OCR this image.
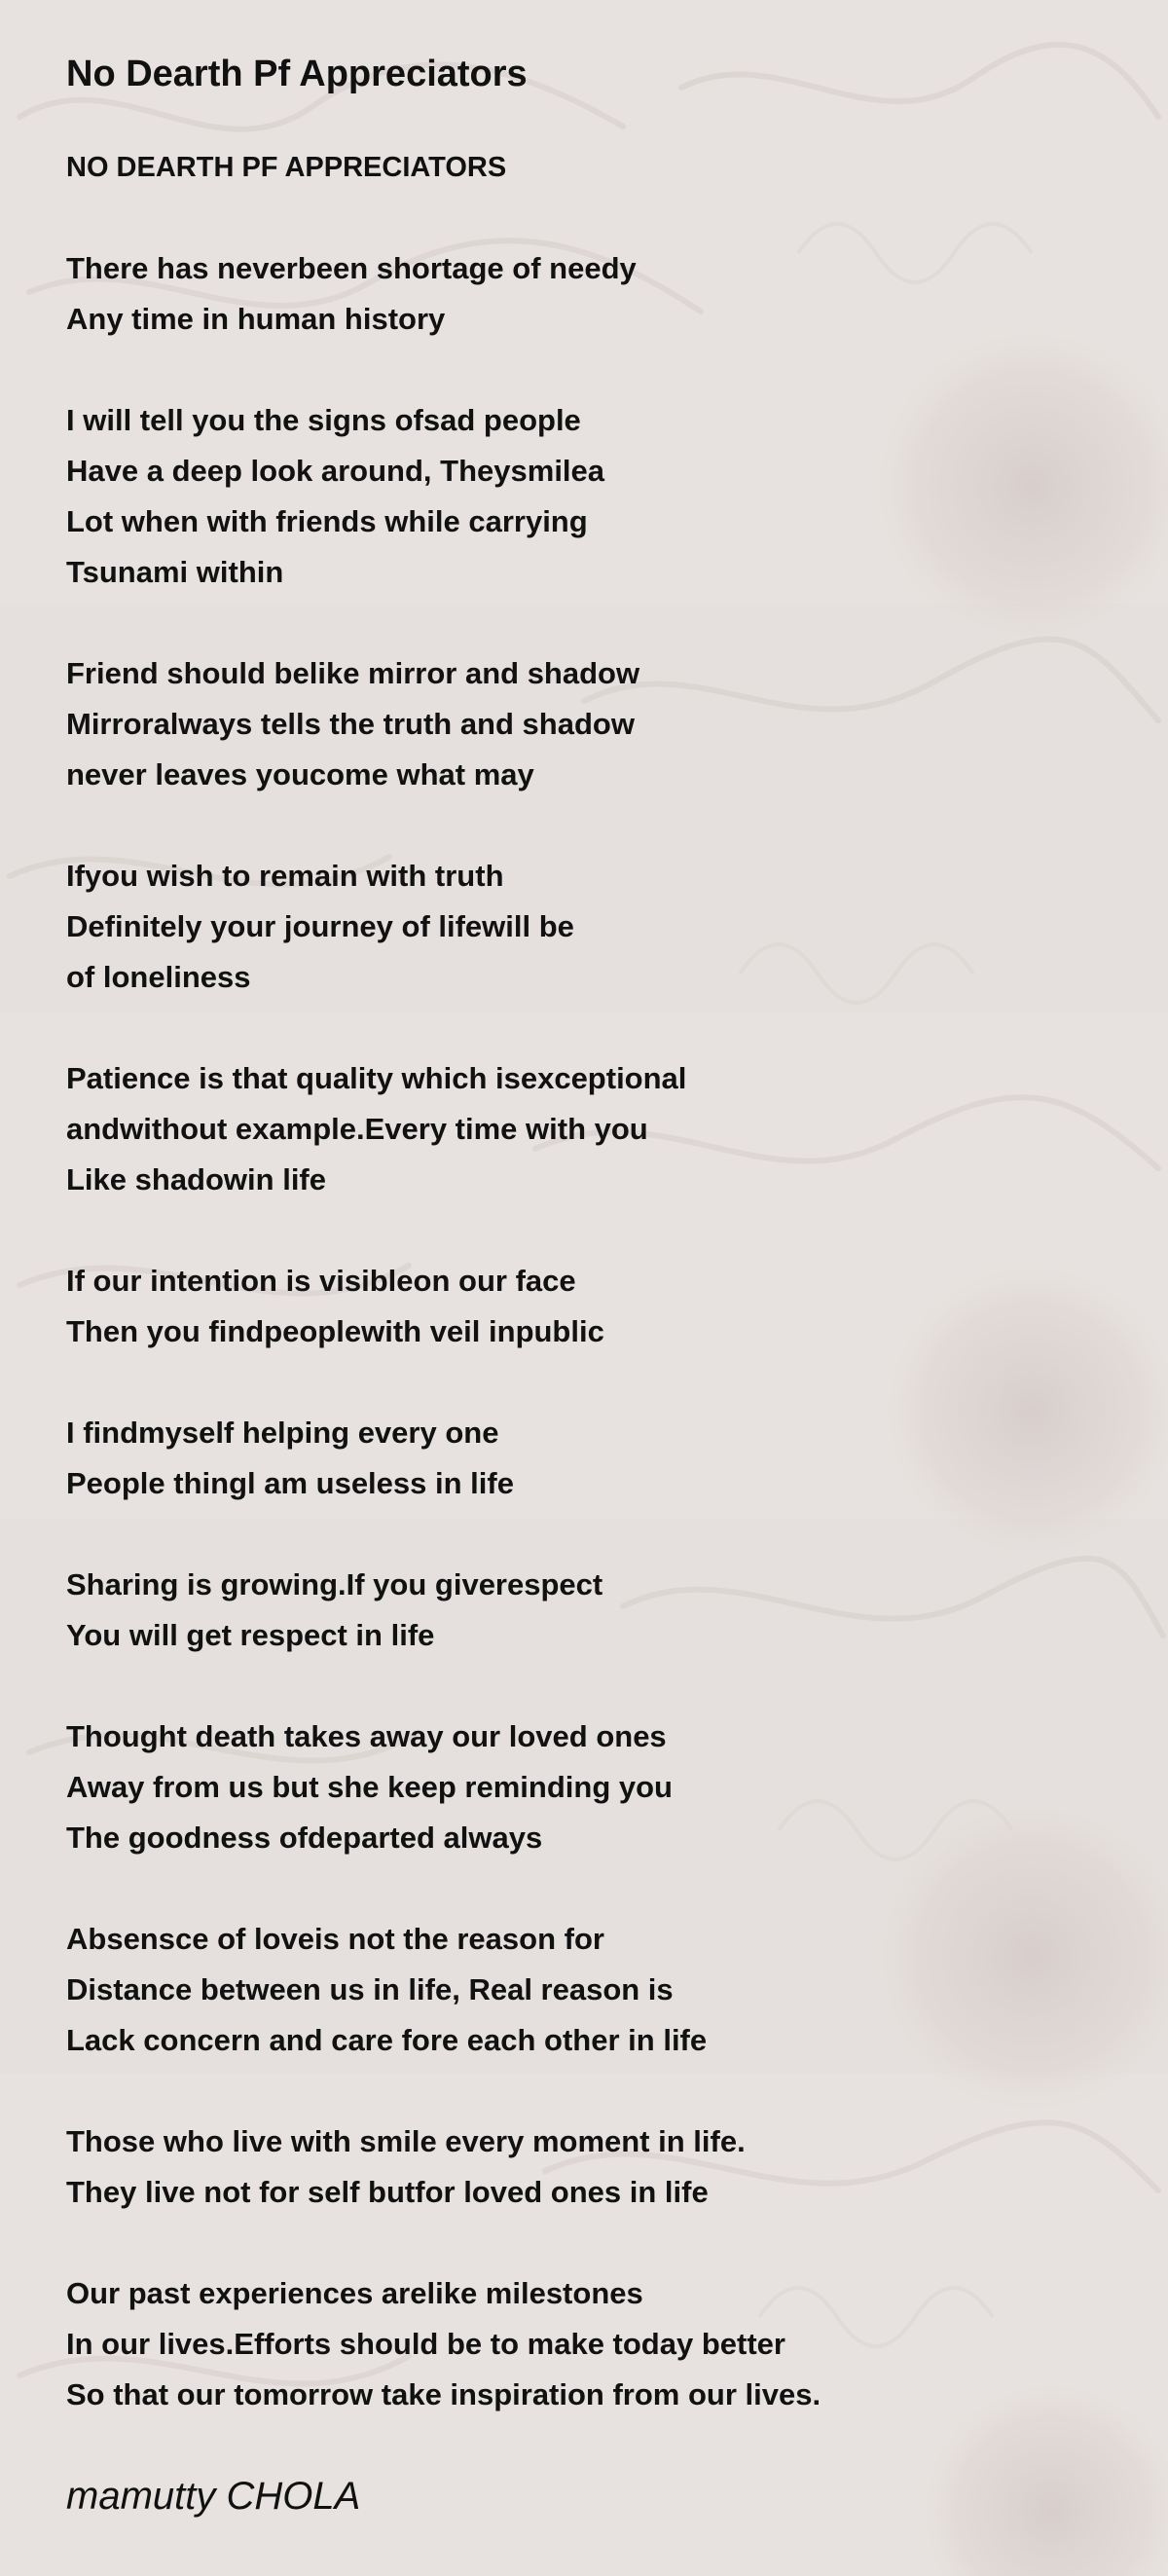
No Dearth Pf Appreciators
NO DEARTH PF APPRECIATORS
There has neverbeen shortage of needy
Any time in human history
I will tell you the signs ofsad people
Have a deep look around, Theysmilea
Lot when with friends while carrying
Tsunami within
Friend should belike mirror and shadow
Mirroralways tells the truth and shadow
never leaves youcome what may
Ifyou wish to remain with truth
Definitely your journey of lifewill be
of loneliness
Patience is that quality which isexceptional
andwithout example.Every time with you
Like shadowin life
If our intention is visibleon our face
Then you findpeoplewith veil inpublic
I findmyself helping every one
People thingl am useless in life
Sharing is growing.If you giverespect
You will get respect in life
Thought death takes away our loved ones
Away from us but she keep reminding you
The goodness ofdeparted always
Absensce of loveis not the reason for
Distance between us in life, Real reason is
Lack concern and care fore each other in life
Those who live with smile every moment in life.
They live not for self butfor loved ones in life
Our past experiences arelike milestones
In our lives.Efforts should be to make today better
So that our tomorrow take inspiration from our lives.
mamutty CHOLA
